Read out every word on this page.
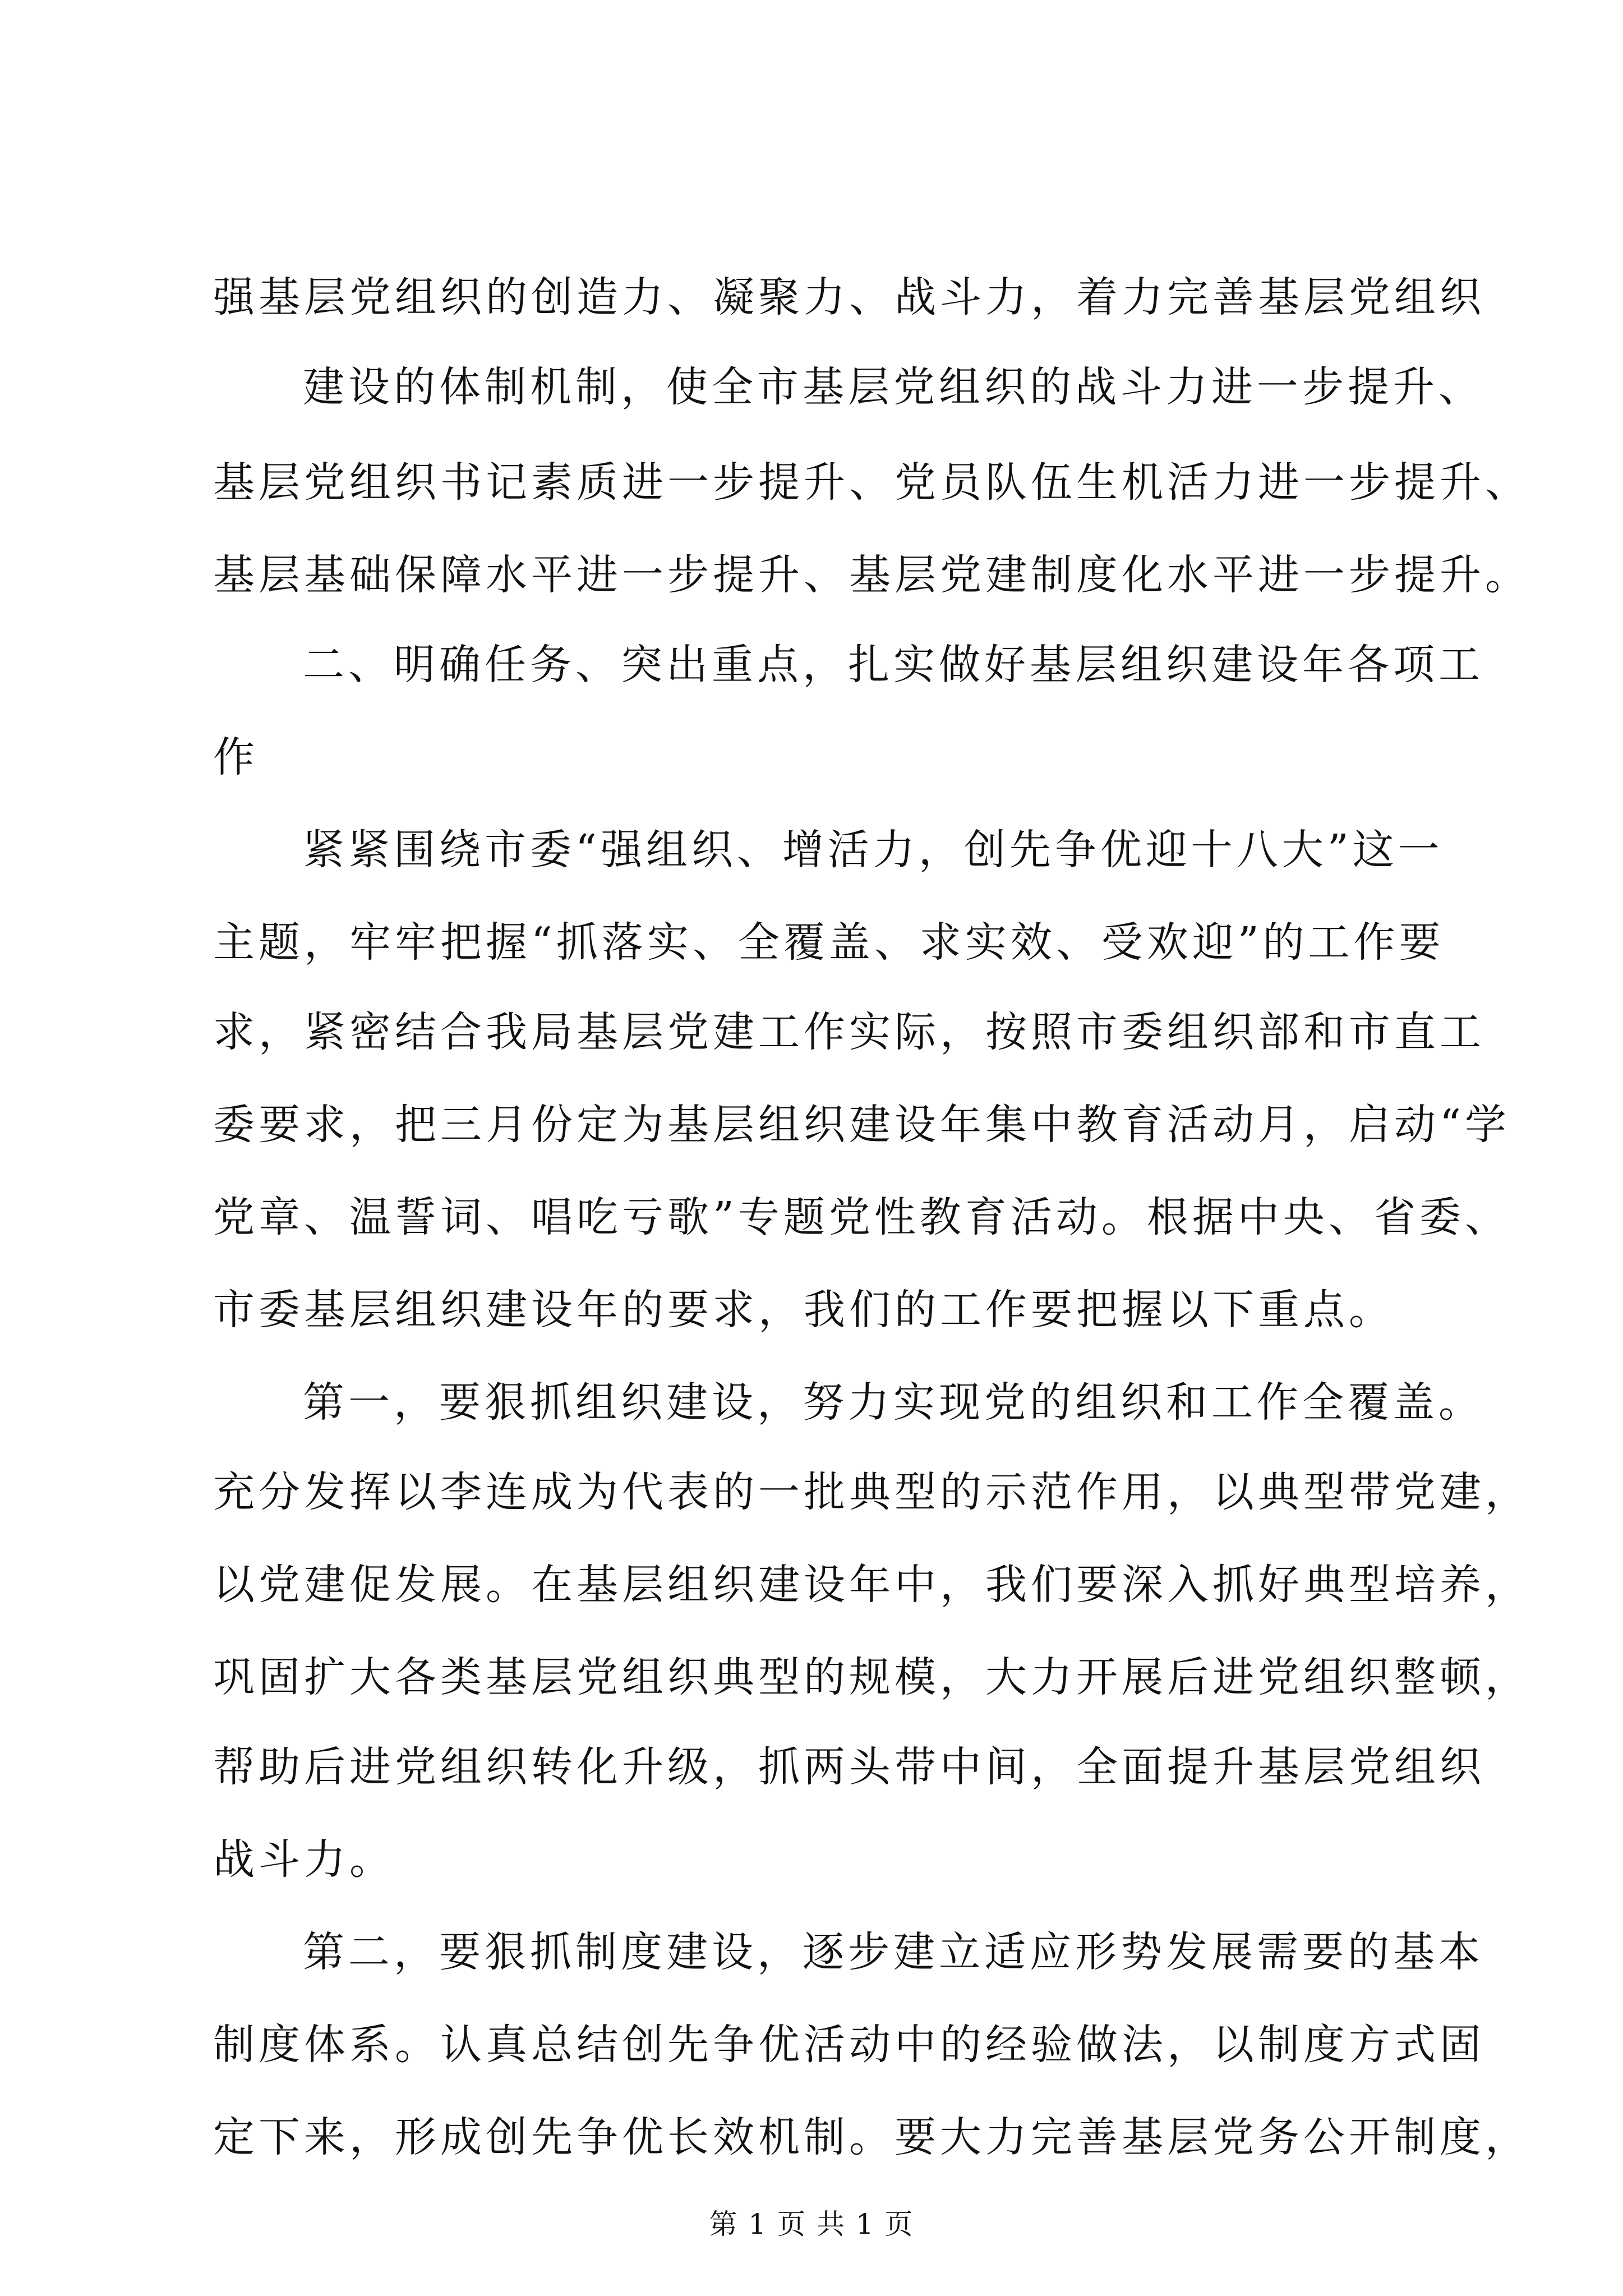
强基层党组织的创造力、凝聚力、战斗力，着力完善基层党组织
建设的体制机制，使全市基层党组织的战斗力进一步提升、
基层党组织书记素质进一步提升、党员队伍生机活力进一步提升、
基层基础保障水平进一步提升、基层党建制度化水平进一步提升。
二、明确任务、突出重点，扎实做好基层组织建设年各项工
作
紧紧围绕市委“强组织、增活力，创先争优迎十八大”这一
主题，牢牢把握“抓落实、全覆盖、求实效、受欢迎”的工作要
求，紧密结合我局基层党建工作实际，按照市委组织部和市直工
委要求，把三月份定为基层组织建设年集中教育活动月，启动“学
党章、温誓词、唱吃亏歌”专题党性教育活动。根据中央、省委、
市委基层组织建设年的要求，我们的工作要把握以下重点。
第一，要狠抓组织建设，努力实现党的组织和工作全覆盖。
充分发挥以李连成为代表的一批典型的示范作用，以典型带党建，
以党建促发展。在基层组织建设年中，我们要深入抓好典型培养，
巩固扩大各类基层党组织典型的规模，大力开展后进党组织整顿，
帮助后进党组织转化升级，抓两头带中间，全面提升基层党组织
战斗力。
第二，要狠抓制度建设，逐步建立适应形势发展需要的基本
制度体系。认真总结创先争优活动中的经验做法，以制度方式固
定下来，形成创先争优长效机制。要大力完善基层党务公开制度，
第 1 页 共 1 页
